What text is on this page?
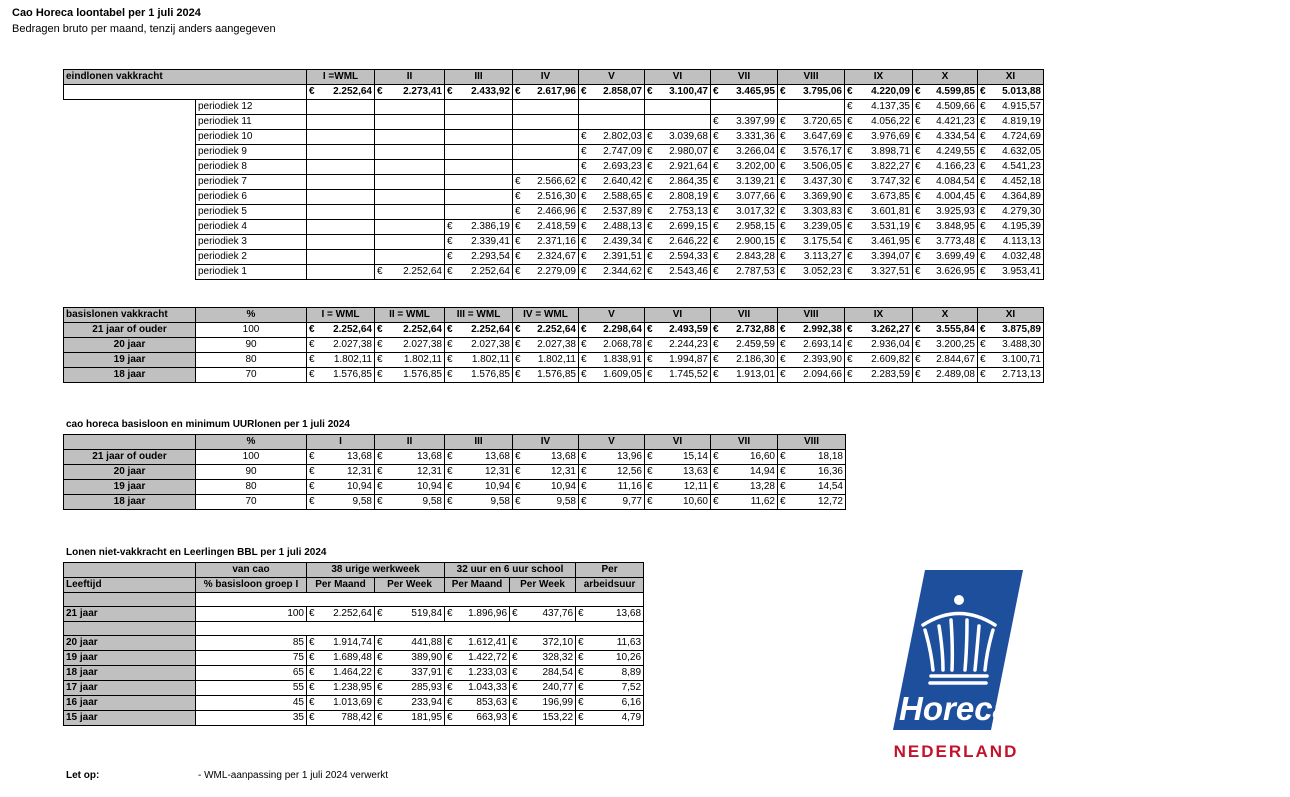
Cao Horeca loontabel per 1 juli 2024
Bedragen bruto per maand, tenzij anders aangegeven
eindlonen vakkracht		I =WML	II	III	IV	V	VI	VII	VIII	IX	X	XI

		€ 2.252,64	€ 2.273,41	€ 2.433,92	€ 2.617,96	€ 2.858,07	€ 3.100,47	€ 3.465,95	€ 3.795,06	€ 4.220,09	€ 4.599,85	€ 5.013,88

	periodiek 12									€ 4.137,35	€ 4.509,66	€ 4.915,57

	periodiek 11							€ 3.397,99	€ 3.720,65	€ 4.056,22	€ 4.421,23	€ 4.819,19

	periodiek 10					€ 2.802,03	€ 3.039,68	€ 3.331,36	€ 3.647,69	€ 3.976,69	€ 4.334,54	€ 4.724,69

	periodiek 9					€ 2.747,09	€ 2.980,07	€ 3.266,04	€ 3.576,17	€ 3.898,71	€ 4.249,55	€ 4.632,05

	periodiek 8					€ 2.693,23	€ 2.921,64	€ 3.202,00	€ 3.506,05	€ 3.822,27	€ 4.166,23	€ 4.541,23

	periodiek 7				€ 2.566,62	€ 2.640,42	€ 2.864,35	€ 3.139,21	€ 3.437,30	€ 3.747,32	€ 4.084,54	€ 4.452,18

	periodiek 6				€ 2.516,30	€ 2.588,65	€ 2.808,19	€ 3.077,66	€ 3.369,90	€ 3.673,85	€ 4.004,45	€ 4.364,89

	periodiek 5				€ 2.466,96	€ 2.537,89	€ 2.753,13	€ 3.017,32	€ 3.303,83	€ 3.601,81	€ 3.925,93	€ 4.279,30

	periodiek 4			€ 2.386,19	€ 2.418,59	€ 2.488,13	€ 2.699,15	€ 2.958,15	€ 3.239,05	€ 3.531,19	€ 3.848,95	€ 4.195,39

	periodiek 3			€ 2.339,41	€ 2.371,16	€ 2.439,34	€ 2.646,22	€ 2.900,15	€ 3.175,54	€ 3.461,95	€ 3.773,48	€ 4.113,13

	periodiek 2			€ 2.293,54	€ 2.324,67	€ 2.391,51	€ 2.594,33	€ 2.843,28	€ 3.113,27	€ 3.394,07	€ 3.699,49	€ 4.032,48

	periodiek 1		€ 2.252,64	€ 2.252,64	€ 2.279,09	€ 2.344,62	€ 2.543,46	€ 2.787,53	€ 3.052,23	€ 3.327,51	€ 3.626,95	€ 3.953,41
basislonen vakkracht	%	I = WML	II = WML	III = WML	IV = WML	V	VI	VII	VIII	IX	X	XI
21 jaar of ouder	100	€ 2.252,64	€ 2.252,64	€ 2.252,64	€ 2.252,64	€ 2.298,64	€ 2.493,59	€ 2.732,88	€ 2.992,38	€ 3.262,27	€ 3.555,84	€ 3.875,89

20 jaar	90	€ 2.027,38	€ 2.027,38	€ 2.027,38	€ 2.027,38	€ 2.068,78	€ 2.244,23	€ 2.459,59	€ 2.693,14	€ 2.936,04	€ 3.200,25	€ 3.488,30

19 jaar	80	€ 1.802,11	€ 1.802,11	€ 1.802,11	€ 1.802,11	€ 1.838,91	€ 1.994,87	€ 2.186,30	€ 2.393,90	€ 2.609,82	€ 2.844,67	€ 3.100,71

18 jaar	70	€ 1.576,85	€ 1.576,85	€ 1.576,85	€ 1.576,85	€ 1.609,05	€ 1.745,52	€ 1.913,01	€ 2.094,66	€ 2.283,59	€ 2.489,08	€ 2.713,13
cao horeca basisloon en minimum UURlonen per 1 juli 2024
	%	I	II	III	IV	V	VI	VII	VIII
21 jaar of ouder	100	€ 13,68	€ 13,68	€ 13,68	€ 13,68	€ 13,96	€ 15,14	€ 16,60	€ 18,18

20 jaar	90	€ 12,31	€ 12,31	€ 12,31	€ 12,31	€ 12,56	€ 13,63	€ 14,94	€ 16,36

19 jaar	80	€ 10,94	€ 10,94	€ 10,94	€ 10,94	€ 11,16	€ 12,11	€ 13,28	€ 14,54

18 jaar	70	€ 9,58	€ 9,58	€ 9,58	€ 9,58	€ 9,77	€ 10,60	€ 11,62	€ 12,72
Lonen niet-vakkracht en Leerlingen BBL per 1 juli 2024
	van cao	38 urige werkweek		32 uur en 6 uur school		Per
Leeftijd	% basisloon groep I	Per Maand	Per Week	Per Maand	Per Week	arbeidsuur

21 jaar	100	€ 2.252,64	€ 519,84	€ 1.896,96	€ 437,76	€ 13,68

20 jaar	85	€ 1.914,74	€ 441,88	€ 1.612,41	€ 372,10	€ 11,63

19 jaar	75	€ 1.689,48	€ 389,90	€ 1.422,72	€ 328,32	€ 10,26

18 jaar	65	€ 1.464,22	€ 337,91	€ 1.233,03	€ 284,54	€ 8,89

17 jaar	55	€ 1.238,95	€ 285,93	€ 1.043,33	€ 240,77	€ 7,52

16 jaar	45	€ 1.013,69	€ 233,94	€ 853,63	€ 196,99	€ 6,16

15 jaar	35	€ 788,42	€ 181,95	€ 663,93	€ 153,22	€ 4,79
Let op:	- WML-aanpassing per 1 juli 2024 verwerkt
Horeca
NEDERLAND
